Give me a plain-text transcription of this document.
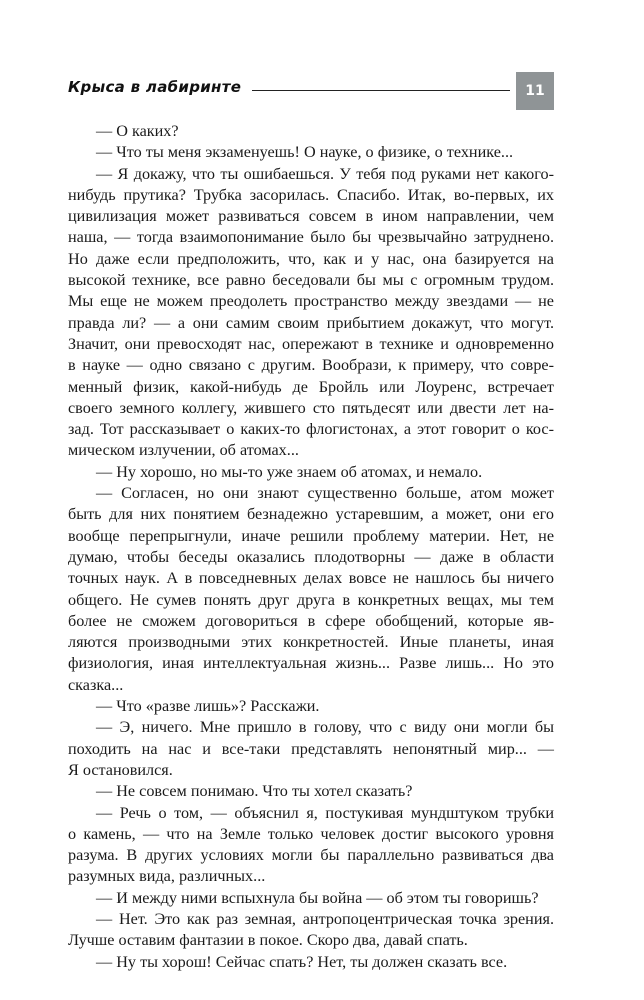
Крыса в лабиринте	11
— О каких?
— Что ты меня экзаменуешь! О науке, о физике, о технике...
— Я докажу, что ты ошибаешься. У тебя под руками нет какого-
нибудь прутика? Трубка засорилась. Спасибо. Итак, во-первых, их
цивилизация может развиваться совсем в ином направлении, чем
наша, — тогда взаимопонимание было бы чрезвычайно затруднено.
Но даже если предположить, что, как и у нас, она базируется на
высокой технике, все равно беседовали бы мы с огромным трудом.
Мы еще не можем преодолеть пространство между звездами — не
правда ли? — а они самим своим прибытием докажут, что могут.
Значит, они превосходят нас, опережают в технике и одновременно
в науке — одно связано с другим. Вообрази, к примеру, что совре-
менный физик, какой-нибудь де Бройль или Лоуренс, встречает
своего земного коллегу, жившего сто пятьдесят или двести лет на-
зад. Тот рассказывает о каких-то флогистонах, а этот говорит о кос-
мическом излучении, об атомах...
— Ну хорошо, но мы-то уже знаем об атомах, и немало.
— Согласен, но они знают существенно больше, атом может
быть для них понятием безнадежно устаревшим, а может, они его
вообще перепрыгнули, иначе решили проблему материи. Нет, не
думаю, чтобы беседы оказались плодотворны — даже в области
точных наук. А в повседневных делах вовсе не нашлось бы ничего
общего. Не сумев понять друг друга в конкретных вещах, мы тем
более не сможем договориться в сфере обобщений, которые яв-
ляются производными этих конкретностей. Иные планеты, иная
физиология, иная интеллектуальная жизнь... Разве лишь... Но это
сказка...
— Что «разве лишь»? Расскажи.
— Э, ничего. Мне пришло в голову, что с виду они могли бы
походить на нас и все-таки представлять непонятный мир... —
Я остановился.
— Не совсем понимаю. Что ты хотел сказать?
— Речь о том, — объяснил я, постукивая мундштуком трубки
о камень, — что на Земле только человек достиг высокого уровня
разума. В других условиях могли бы параллельно развиваться два
разумных вида, различных...
— И между ними вспыхнула бы война — об этом ты говоришь?
— Нет. Это как раз земная, антропоцентрическая точка зрения.
Лучше оставим фантазии в покое. Скоро два, давай спать.
— Ну ты хорош! Сейчас спать? Нет, ты должен сказать все.
